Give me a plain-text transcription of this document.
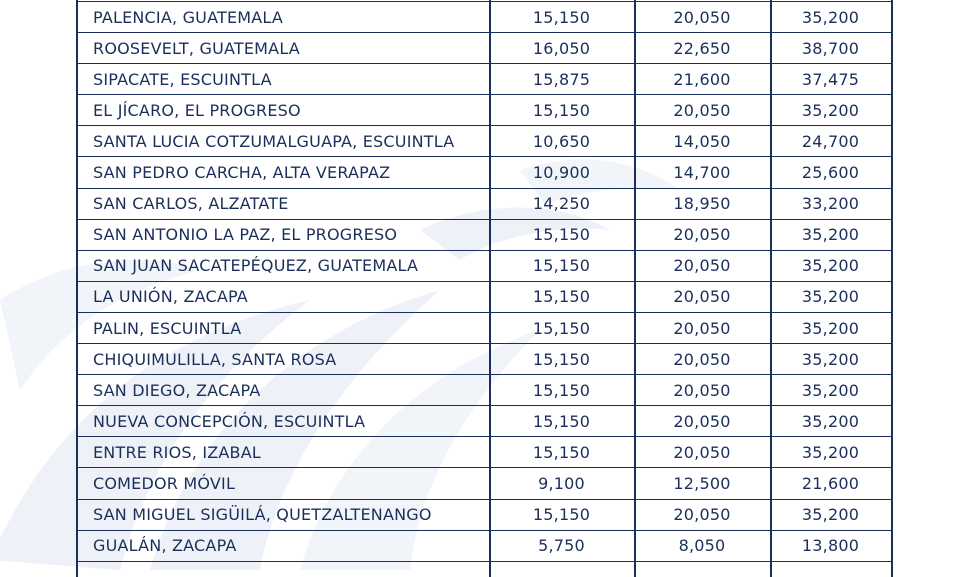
PALENCIA, GUATEMALA	15,150	20,050	35,200
ROOSEVELT, GUATEMALA	16,050	22,650	38,700
SIPACATE, ESCUINTLA	15,875	21,600	37,475
EL JÍCARO, EL PROGRESO	15,150	20,050	35,200
SANTA LUCIA COTZUMALGUAPA, ESCUINTLA	10,650	14,050	24,700
SAN PEDRO CARCHA, ALTA VERAPAZ	10,900	14,700	25,600
SAN CARLOS, ALZATATE	14,250	18,950	33,200
SAN ANTONIO LA PAZ, EL PROGRESO	15,150	20,050	35,200
SAN JUAN SACATEPÉQUEZ, GUATEMALA	15,150	20,050	35,200
LA UNIÓN, ZACAPA	15,150	20,050	35,200
PALIN, ESCUINTLA	15,150	20,050	35,200
CHIQUIMULILLA, SANTA ROSA	15,150	20,050	35,200
SAN DIEGO, ZACAPA	15,150	20,050	35,200
NUEVA CONCEPCIÓN, ESCUINTLA	15,150	20,050	35,200
ENTRE RIOS, IZABAL	15,150	20,050	35,200
COMEDOR MÓVIL	9,100	12,500	21,600
SAN MIGUEL SIGÜILÁ, QUETZALTENANGO	15,150	20,050	35,200
GUALÁN, ZACAPA	5,750	8,050	13,800
